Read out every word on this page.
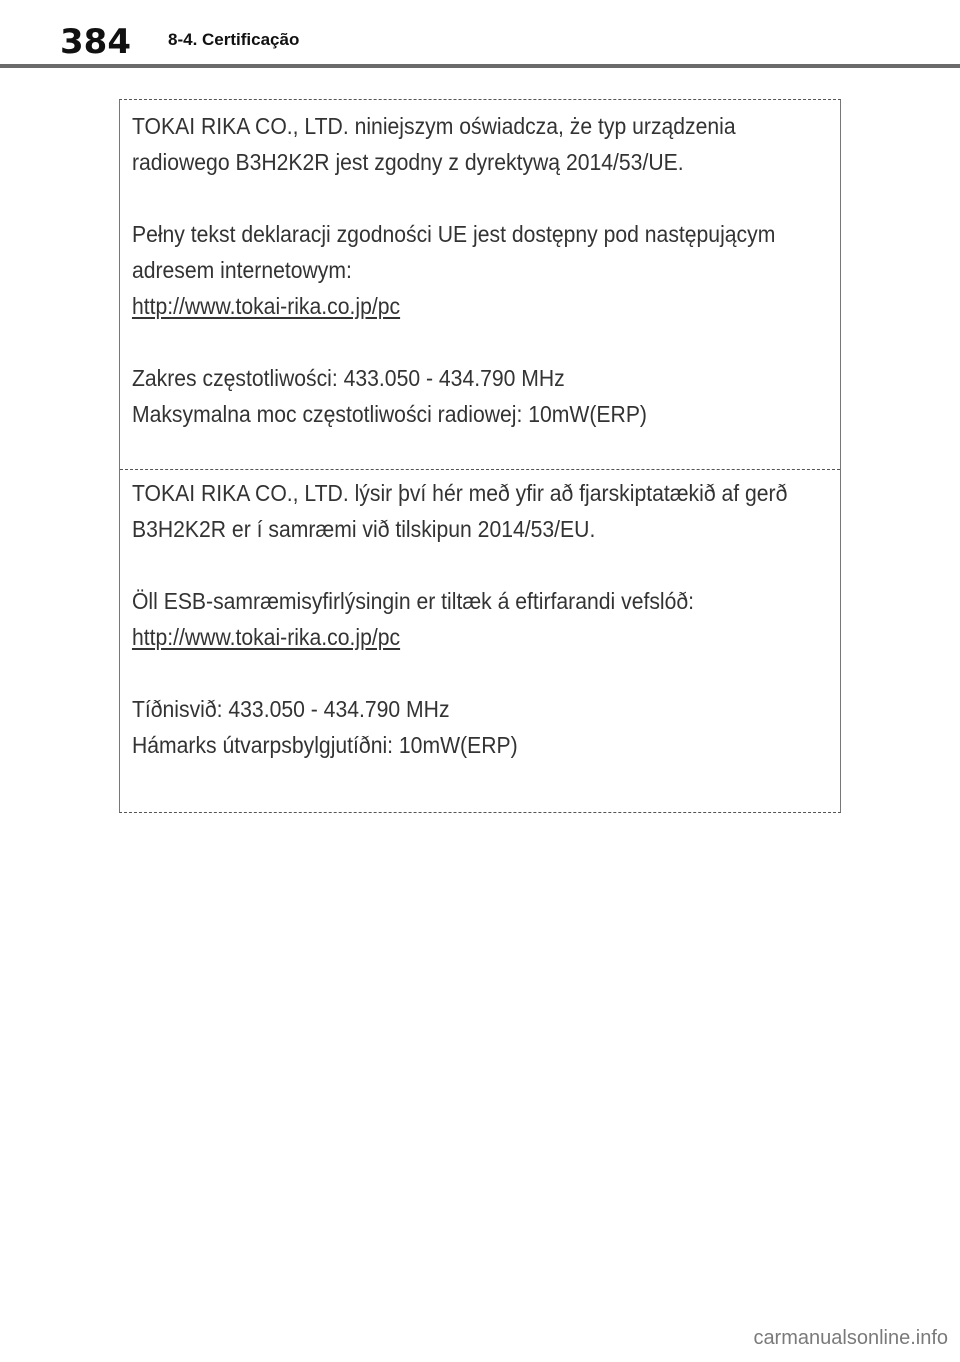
384 8-4. Certificação

TOKAI RIKA CO., LTD. niniejszym oświadcza, że typ urządzenia

radiowego B3H2K2R jest zgodny z dyrektywą 2014/53/UE.

Pełny tekst deklaracji zgodności UE jest dostępny pod następującym

adresem internetowym:

http://www.tokai-rika.co.jp/pc

Zakres częstotliwości: 433.050 - 434.790 MHz

Maksymalna moc częstotliwości radiowej: 10mW(ERP)

TOKAI RIKA CO., LTD. lýsir því hér með yfir að fjarskiptatækið af gerð

B3H2K2R er í samræmi við tilskipun 2014/53/EU.

Öll ESB-samræmisyfirlýsingin er tiltæk á eftirfarandi vefslóð:

http://www.tokai-rika.co.jp/pc

Tíðnisvið: 433.050 - 434.790 MHz

Hámarks útvarpsbylgjutíðni: 10mW(ERP)

carmanualsonline.info
